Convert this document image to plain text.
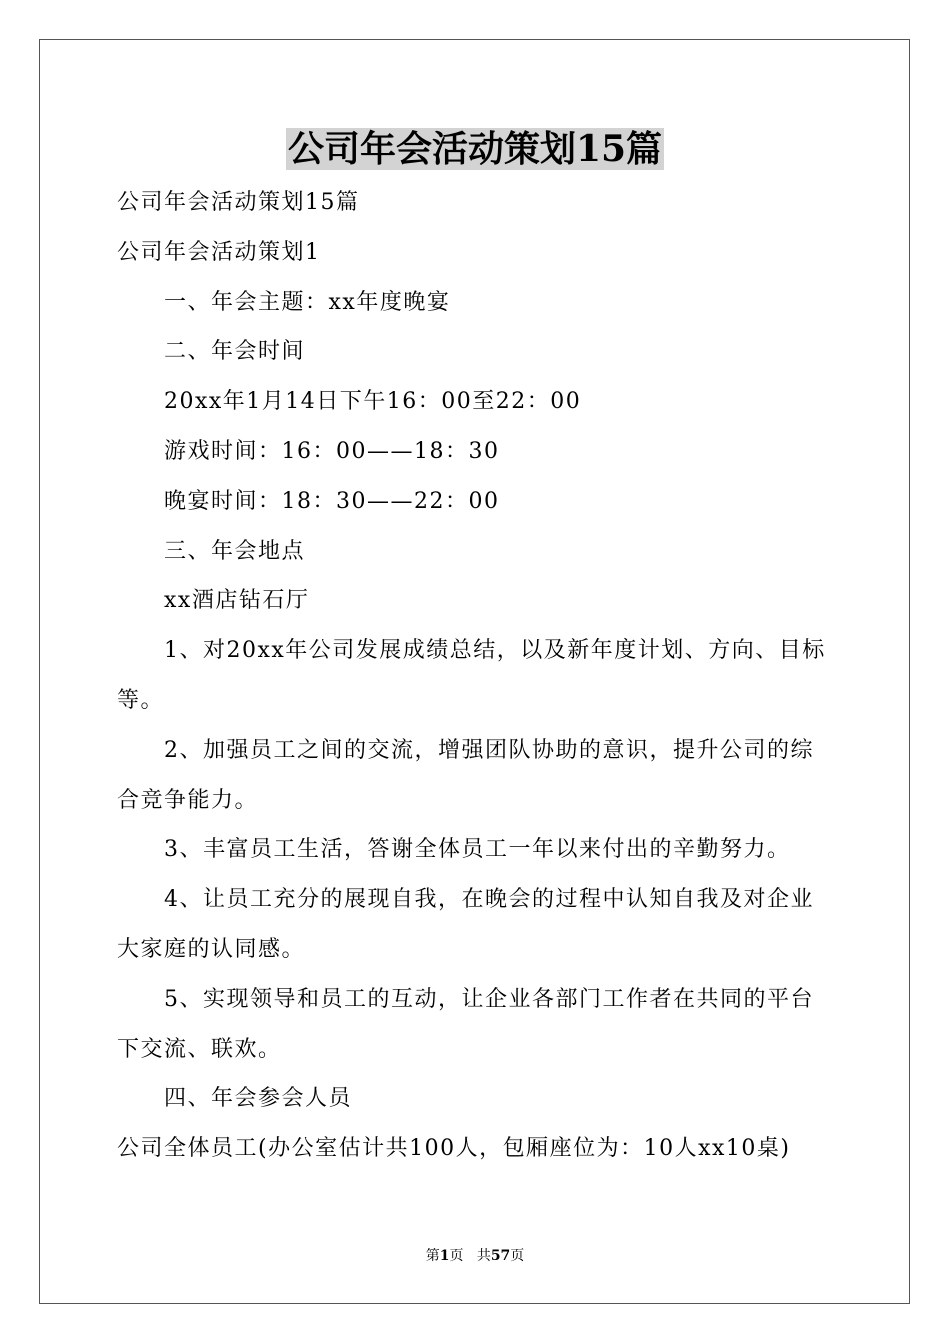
公司年会活动策划15篇

公司年会活动策划15篇

公司年会活动策划1

一、年会主题：xx年度晚宴

二、年会时间

20xx年1月14日下午16：00至22：00

游戏时间：16：00——18：30

晚宴时间：18：30——22：00

三、年会地点

xx酒店钻石厅

1、对20xx年公司发展成绩总结，以及新年度计划、方向、目标等。

2、加强员工之间的交流，增强团队协助的意识，提升公司的综合竞争能力。

3、丰富员工生活，答谢全体员工一年以来付出的辛勤努力。

4、让员工充分的展现自我，在晚会的过程中认知自我及对企业大家庭的认同感。

5、实现领导和员工的互动，让企业各部门工作者在共同的平台下交流、联欢。

四、年会参会人员

公司全体员工(办公室估计共100人，包厢座位为：10人xx10桌)

第1页 共57页
